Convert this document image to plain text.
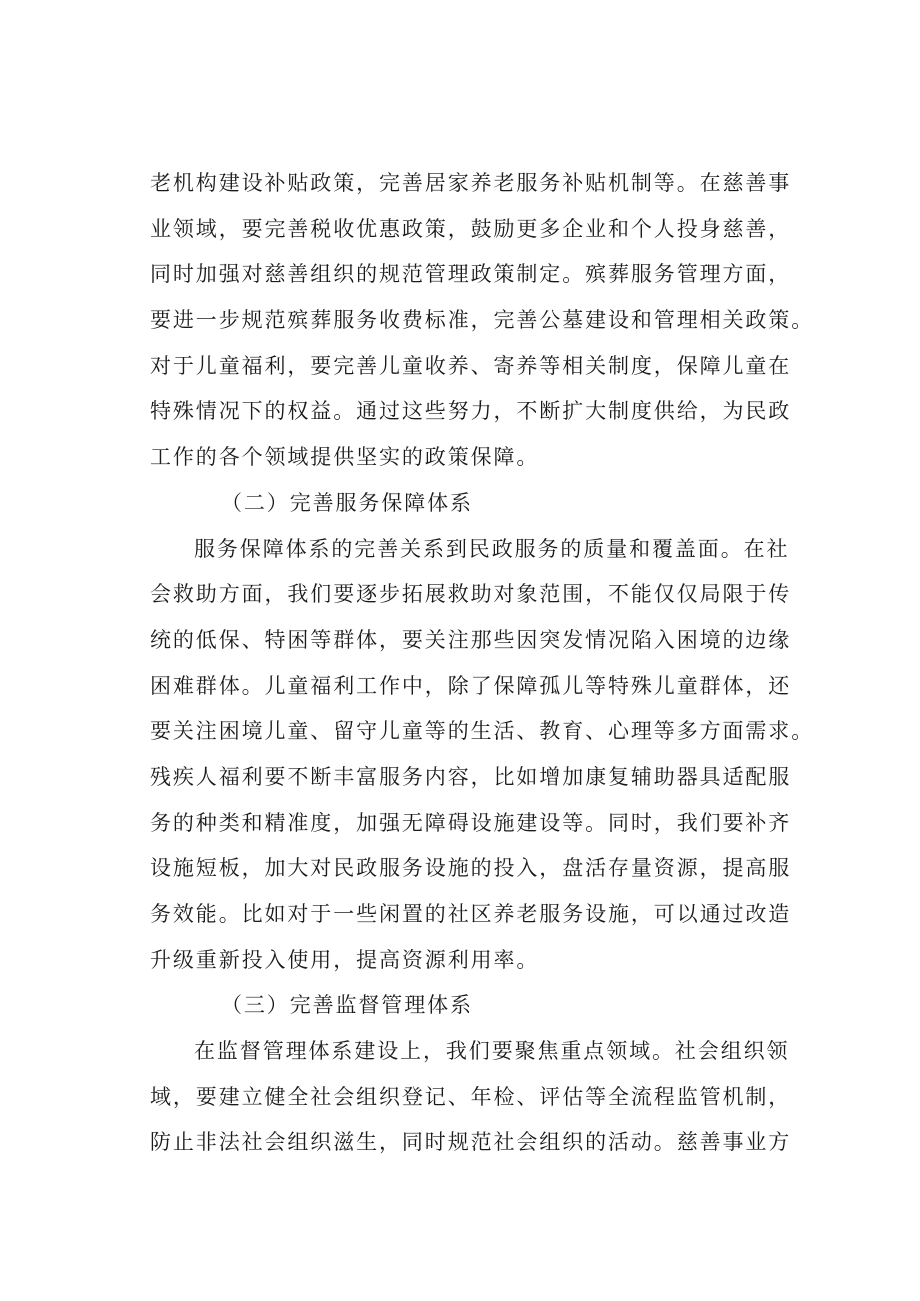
老机构建设补贴政策，完善居家养老服务补贴机制等。在慈善事
业领域，要完善税收优惠政策，鼓励更多企业和个人投身慈善，
同时加强对慈善组织的规范管理政策制定。殡葬服务管理方面，
要进一步规范殡葬服务收费标准，完善公墓建设和管理相关政策。
对于儿童福利，要完善儿童收养、寄养等相关制度，保障儿童在
特殊情况下的权益。通过这些努力，不断扩大制度供给，为民政
工作的各个领域提供坚实的政策保障。
（二）完善服务保障体系
服务保障体系的完善关系到民政服务的质量和覆盖面。在社
会救助方面，我们要逐步拓展救助对象范围，不能仅仅局限于传
统的低保、特困等群体，要关注那些因突发情况陷入困境的边缘
困难群体。儿童福利工作中，除了保障孤儿等特殊儿童群体，还
要关注困境儿童、留守儿童等的生活、教育、心理等多方面需求。
残疾人福利要不断丰富服务内容，比如增加康复辅助器具适配服
务的种类和精准度，加强无障碍设施建设等。同时，我们要补齐
设施短板，加大对民政服务设施的投入，盘活存量资源，提高服
务效能。比如对于一些闲置的社区养老服务设施，可以通过改造
升级重新投入使用，提高资源利用率。
（三）完善监督管理体系
在监督管理体系建设上，我们要聚焦重点领域。社会组织领
域，要建立健全社会组织登记、年检、评估等全流程监管机制，
防止非法社会组织滋生，同时规范社会组织的活动。慈善事业方
